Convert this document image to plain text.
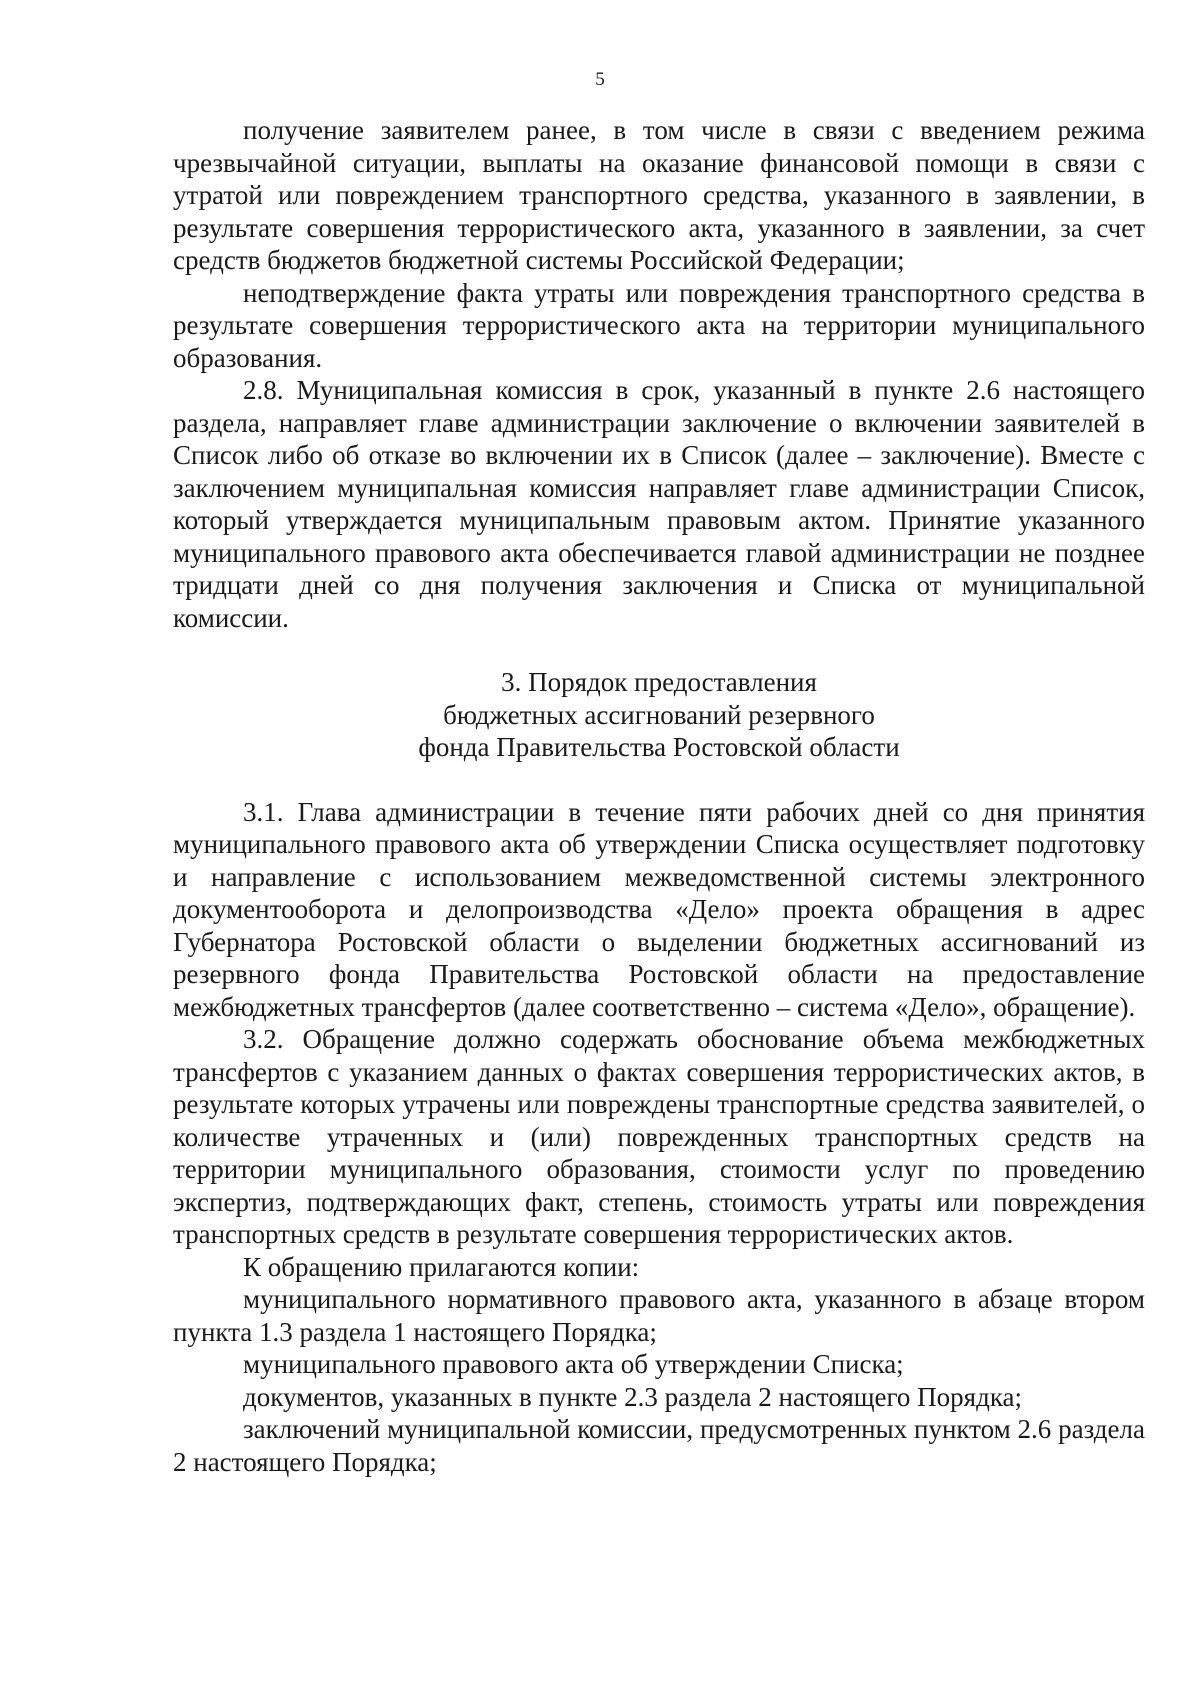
5

получение заявителем ранее, в том числе в связи с введением режима чрезвычайной ситуации, выплаты на оказание финансовой помощи в связи с утратой или повреждением транспортного средства, указанного в заявлении, в результате совершения террористического акта, указанного в заявлении, за счет средств бюджетов бюджетной системы Российской Федерации;

неподтверждение факта утраты или повреждения транспортного средства в результате совершения террористического акта на территории муниципального образования.

2.8. Муниципальная комиссия в срок, указанный в пункте 2.6 настоящего раздела, направляет главе администрации заключение о включении заявителей в Список либо об отказе во включении их в Список (далее – заключение). Вместе с заключением муниципальная комиссия направляет главе администрации Список, который утверждается муниципальным правовым актом. Принятие указанного муниципального правового акта обеспечивается главой администрации не позднее тридцати дней со дня получения заключения и Списка от муниципальной комиссии.

3. Порядок предоставления

бюджетных ассигнований резервного

фонда Правительства Ростовской области

3.1. Глава администрации в течение пяти рабочих дней со дня принятия муниципального правового акта об утверждении Списка осуществляет подготовку и направление с использованием межведомственной системы электронного документооборота и делопроизводства «Дело» проекта обращения в адрес Губернатора Ростовской области о выделении бюджетных ассигнований из резервного фонда Правительства Ростовской области на предоставление межбюджетных трансфертов (далее соответственно – система «Дело», обращение).

3.2. Обращение должно содержать обоснование объема межбюджетных трансфертов с указанием данных о фактах совершения террористических актов, в результате которых утрачены или повреждены транспортные средства заявителей, о количестве утраченных и (или) поврежденных транспортных средств на территории муниципального образования, стоимости услуг по проведению экспертиз, подтверждающих факт, степень, стоимость утраты или повреждения транспортных средств в результате совершения террористических актов.

К обращению прилагаются копии:

муниципального нормативного правового акта, указанного в абзаце втором пункта 1.3 раздела 1 настоящего Порядка;

муниципального правового акта об утверждении Списка;

документов, указанных в пункте 2.3 раздела 2 настоящего Порядка;

заключений муниципальной комиссии, предусмотренных пунктом 2.6 раздела 2 настоящего Порядка;
